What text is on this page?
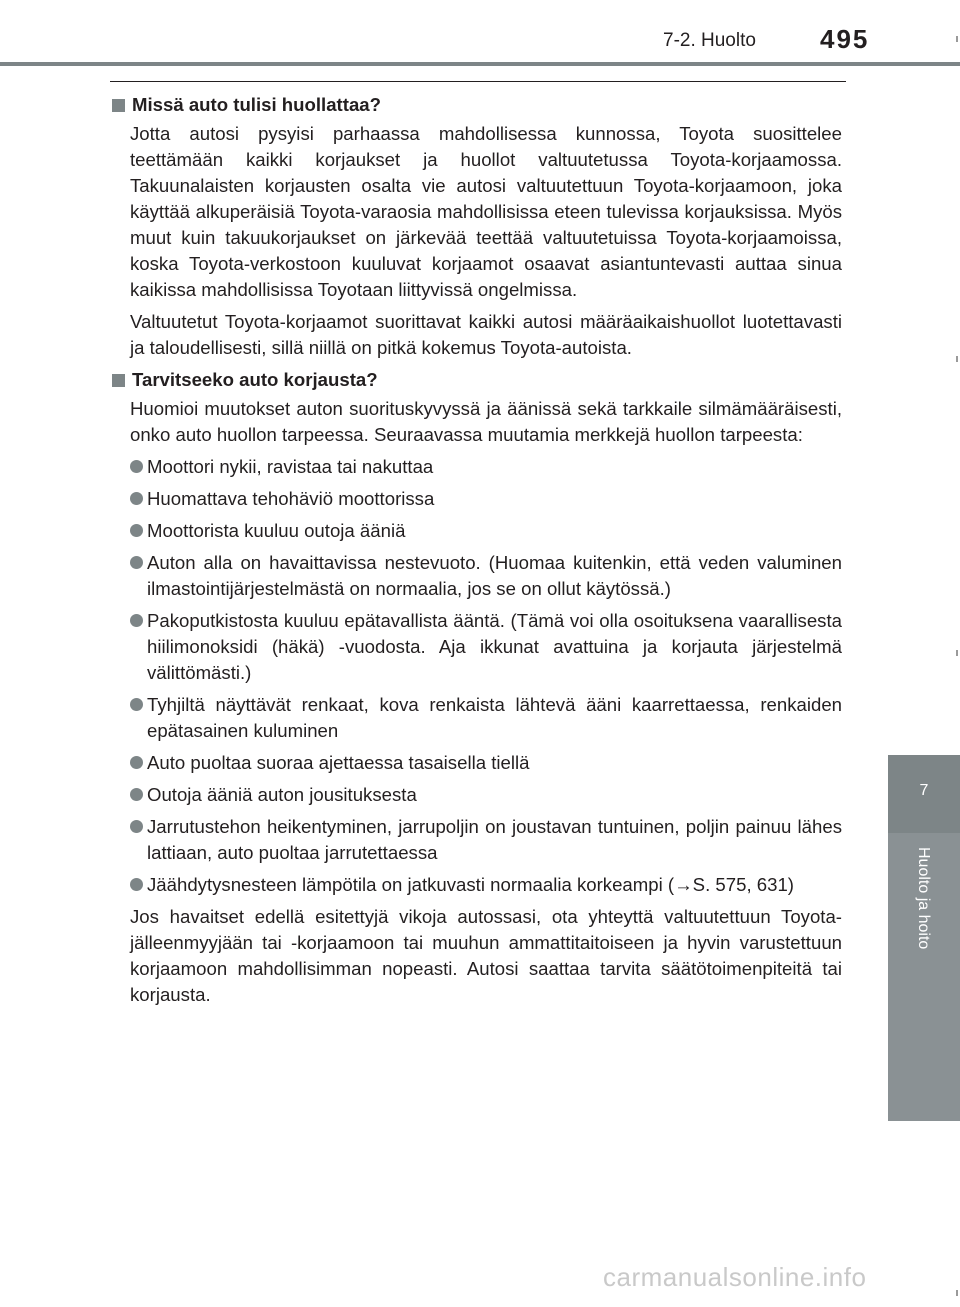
7-2. Huolto 495
7
Huolto ja hoito
Missä auto tulisi huollattaa?
Jotta autosi pysyisi parhaassa mahdollisessa kunnossa, Toyota suosittelee teettämään kaikki korjaukset ja huollot valtuutetussa Toyota-korjaamossa. Takuunalaisten korjausten osalta vie autosi valtuutettuun Toyota-korjaamoon, joka käyttää alkuperäisiä Toyota-varaosia mahdollisissa eteen tulevissa korjauksissa. Myös muut kuin takuukorjaukset on järkevää teettää valtuutetuissa Toyota-korjaamoissa, koska Toyota-verkostoon kuuluvat korjaamot osaavat asiantuntevasti auttaa sinua kaikissa mahdollisissa Toyotaan liittyvissä ongelmissa.
Valtuutetut Toyota-korjaamot suorittavat kaikki autosi määräaikaishuollot luotettavasti ja taloudellisesti, sillä niillä on pitkä kokemus Toyota-autoista.
Tarvitseeko auto korjausta?
Huomioi muutokset auton suorituskyvyssä ja äänissä sekä tarkkaile silmämääräisesti, onko auto huollon tarpeessa. Seuraavassa muutamia merkkejä huollon tarpeesta:
Moottori nykii, ravistaa tai nakuttaa
Huomattava tehohäviö moottorissa
Moottorista kuuluu outoja ääniä
Auton alla on havaittavissa nestevuoto. (Huomaa kuitenkin, että veden valuminen ilmastointijärjestelmästä on normaalia, jos se on ollut käytössä.)
Pakoputkistosta kuuluu epätavallista ääntä. (Tämä voi olla osoituksena vaarallisesta hiilimonoksidi (häkä) -vuodosta. Aja ikkunat avattuina ja korjauta järjestelmä välittömästi.)
Tyhjiltä näyttävät renkaat, kova renkaista lähtevä ääni kaarrettaessa, renkaiden epätasainen kuluminen
Auto puoltaa suoraa ajettaessa tasaisella tiellä
Outoja ääniä auton jousituksesta
Jarrutustehon heikentyminen, jarrupoljin on joustavan tuntuinen, poljin painuu lähes lattiaan, auto puoltaa jarrutettaessa
Jäähdytysnesteen lämpötila on jatkuvasti normaalia korkeampi (→S. 575, 631)
Jos havaitset edellä esitettyjä vikoja autossasi, ota yhteyttä valtuutettuun Toyota-jälleenmyyjään tai -korjaamoon tai muuhun ammattitaitoiseen ja hyvin varustettuun korjaamoon mahdollisimman nopeasti. Autosi saattaa tarvita säätötoimenpiteitä tai korjausta.
carmanualsonline.info
